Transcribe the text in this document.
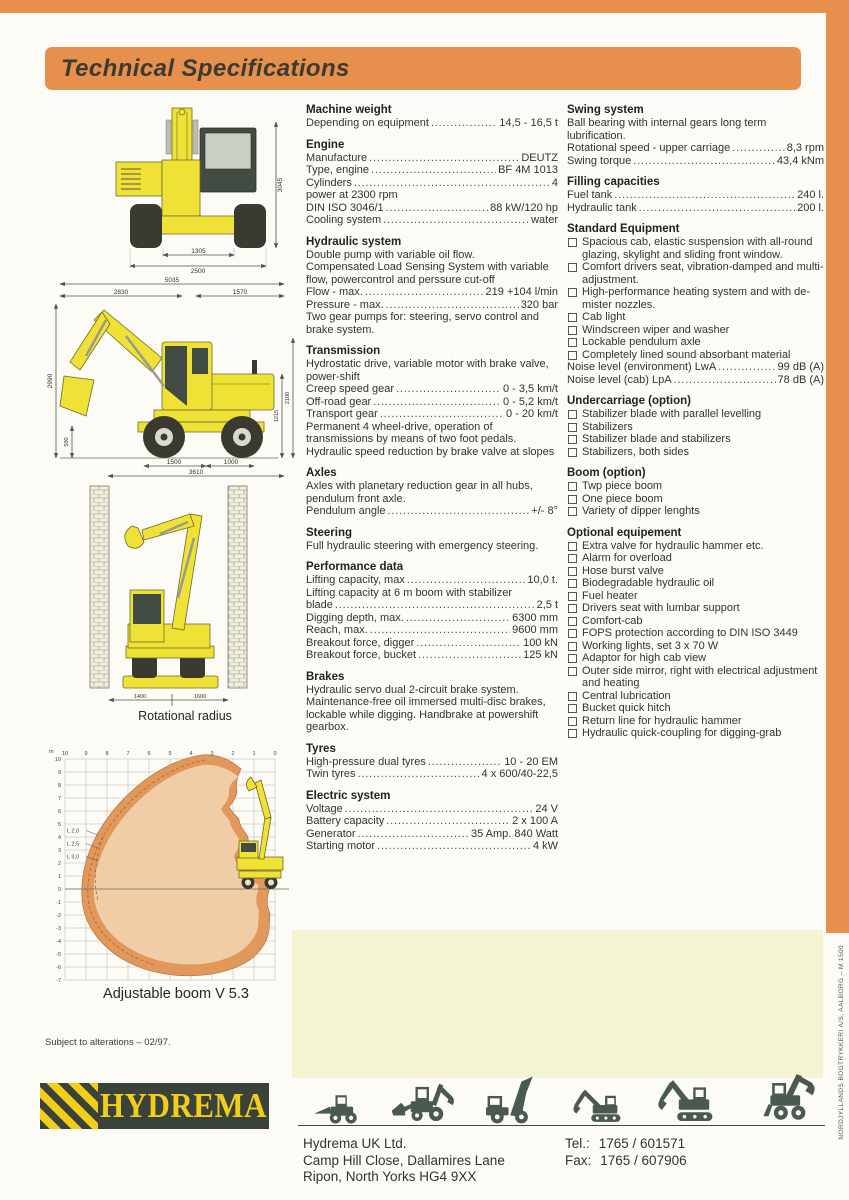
Technical Specifications
NORDJYLLANDS BOGTRYKKERI A/S, AALBORG – M 1500
3045
1305
2500
5035
2830	1570
2990
1215
2100
500
1500	1000
3610
1400	1600
Rotational radius
10	9	8	7	6	5	4	3	2	1	0
10
9
8
7
6
5
4
3
2
1
0
-1
-2
-3
-4
-5
-6
-7
L 2,0
L 2,5
L 3,0
m
Adjustable boom V 5.3
Machine weight
Depending on equipment .....	14,5 - 16,5 t
Engine
Manufacture .....	DEUTZ
Type, engine .....	BF 4M 1013
Cylinders .....	4
power at 2300 rpm
DIN ISO 3046/1 .....	88 kW/120 hp
Cooling system .....	water
Hydraulic system
Double pump with variable oil flow.
Compensated Load Sensing System with variable flow, powercontrol and perssure cut-off
Flow - max. .....	219 +104 l/min
Pressure - max. .....	320 bar
Two gear pumps for: steering, servo control and brake system.
Transmission
Hydrostatic drive, variable motor with brake valve, power-shift
Creep speed gear .....	0 - 3,5 km/t
Off-road gear .....	0 - 5,2 km/t
Transport gear .....	0 - 20 km/t
Permanent 4 wheel-drive, operation of transmissions by means of two foot pedals.
Hydraulic speed reduction by brake valve at slopes
Axles
Axles with planetary reduction gear in all hubs, pendulum front axle.
Pendulum angle .....	+/- 8°
Steering
Full hydraulic steering with emergency steering.
Performance data
Lifting capacity, max .....	10,0 t.
Lifting capacity at 6 m boom with stabilizer
blade .....	2,5 t
Digging depth, max. .....	6300 mm
Reach, max. .....	9600 mm
Breakout force, digger .....	100 kN
Breakout force, bucket .....	125 kN
Brakes
Hydraulic servo dual 2-circuit brake system.
Maintenance-free oil immersed multi-disc brakes, lockable while digging. Handbrake at powershift gearbox.
Tyres
High-pressure dual tyres .....	10 - 20 EM
Twin tyres .....	4 x 600/40-22,5
Electric system
Voltage .....	24 V
Battery capacity .....	2 x 100 A
Generator .....	35 Amp. 840 Watt
Starting motor .....	4 kW
Swing system
Ball bearing with internal gears long term lubrification.
Rotational speed - upper carriage .....	8,3 rpm
Swing torque .....	43,4 kNm
Filling capacities
Fuel tank .....	240 l.
Hydraulic tank .....	200 l.
Standard Equipment
Spacious cab, elastic suspension with all-round glazing, skylight and sliding front window.
Comfort drivers seat, vibration-damped and multi-adjustment.
High-performance heating system and with de-mister nozzles.
Cab light
Windscreen wiper and washer
Lockable pendulum axle
Completely lined sound absorbant material
Noise level (environment) LwA .....	99 dB (A)
Noise level (cab) LpA .....	78 dB (A)
Undercarriage (option)
Stabilizer blade with parallel levelling
Stabilizers
Stabilizer blade and stabilizers
Stabilizers, both sides
Boom (option)
Twp piece boom
One piece boom
Variety of dipper lenghts
Optional equipement
Extra valve for hydraulic hammer etc.
Alarm for overload
Hose burst valve
Biodegradable hydraulic oil
Fuel heater
Drivers seat with lumbar support
Comfort-cab
FOPS protection according to DIN ISO 3449
Working lights, set 3 x 70 W
Adaptor for high cab view
Outer side mirror, right with electrical adjustment and heating
Central lubrication
Bucket quick hitch
Return line for hydraulic hammer
Hydraulic quick-coupling for digging-grab
Subject to alterations – 02/97.
HYDREMA
Hydrema UK Ltd.
Camp Hill Close, Dallamires Lane
Ripon, North Yorks HG4 9XX
Tel.: 1765 / 601571
Fax: 1765 / 607906
